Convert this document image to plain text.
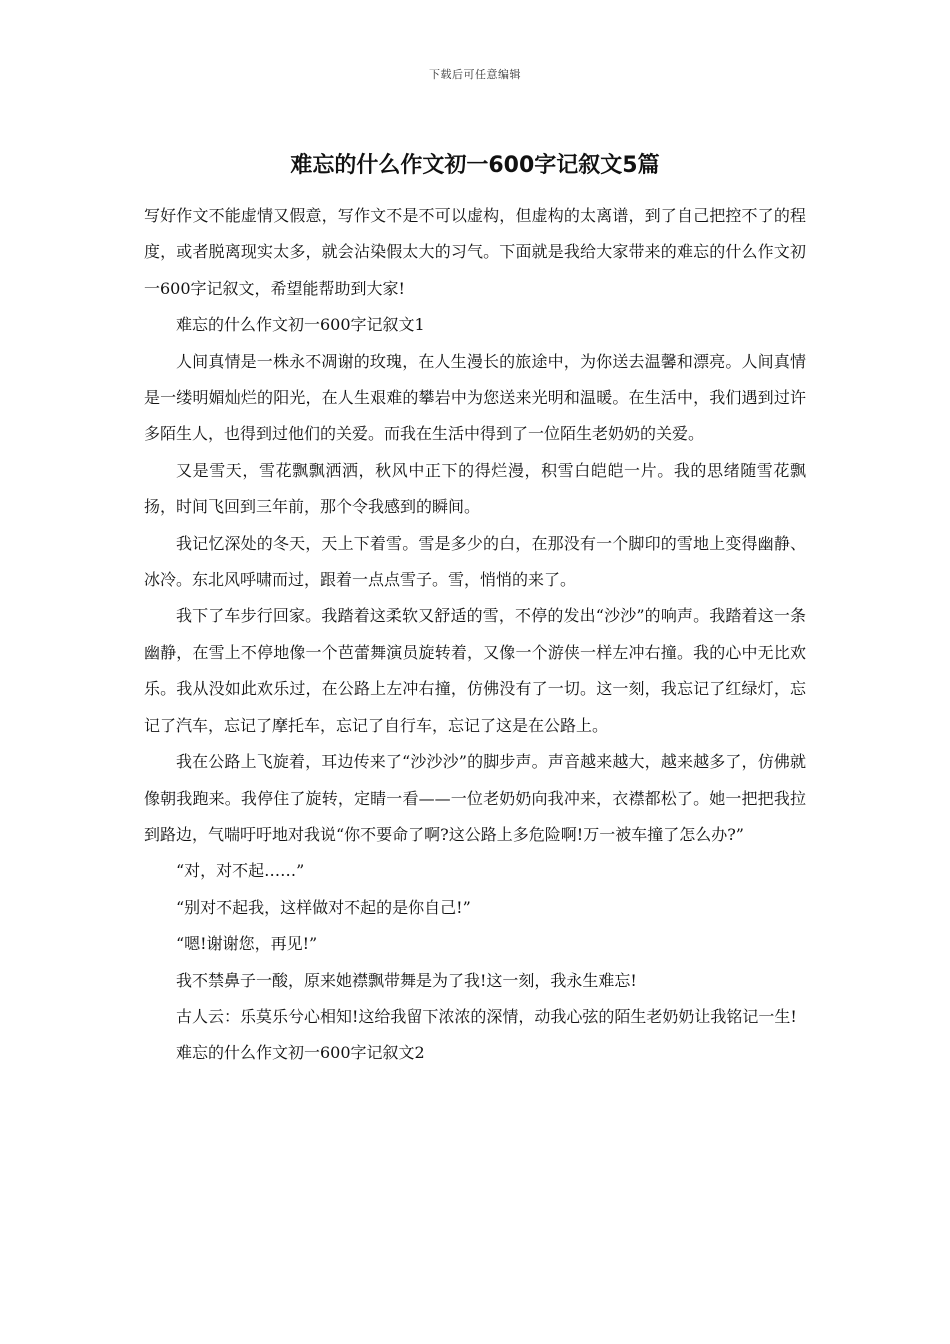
下载后可任意编辑
难忘的什么作文初一600字记叙文5篇

写好作文不能虚情又假意，写作文不是不可以虚构，但虚构的太离谱，到了自己把控不了的程度，或者脱离现实太多，就会沾染假太大的习气。下面就是我给大家带来的难忘的什么作文初一600字记叙文，希望能帮助到大家!

难忘的什么作文初一600字记叙文1

人间真情是一株永不凋谢的玫瑰，在人生漫长的旅途中，为你送去温馨和漂亮。人间真情是一缕明媚灿烂的阳光，在人生艰难的攀岩中为您送来光明和温暖。在生活中，我们遇到过许多陌生人，也得到过他们的关爱。而我在生活中得到了一位陌生老奶奶的关爱。

又是雪天，雪花飘飘洒洒，秋风中正下的得烂漫，积雪白皑皑一片。我的思绪随雪花飘扬，时间飞回到三年前，那个令我感到的瞬间。

我记忆深处的冬天，天上下着雪。雪是多少的白，在那没有一个脚印的雪地上变得幽静、冰冷。东北风呼啸而过，跟着一点点雪子。雪，悄悄的来了。

我下了车步行回家。我踏着这柔软又舒适的雪，不停的发出“沙沙”的响声。我踏着这一条幽静，在雪上不停地像一个芭蕾舞演员旋转着，又像一个游侠一样左冲右撞。我的心中无比欢乐。我从没如此欢乐过，在公路上左冲右撞，仿佛没有了一切。这一刻，我忘记了红绿灯，忘记了汽车，忘记了摩托车，忘记了自行车，忘记了这是在公路上。

我在公路上飞旋着，耳边传来了“沙沙沙”的脚步声。声音越来越大，越来越多了，仿佛就像朝我跑来。我停住了旋转，定睛一看——一位老奶奶向我冲来，衣襟都松了。她一把把我拉到路边，气喘吁吁地对我说“你不要命了啊?这公路上多危险啊!万一被车撞了怎么办?”

“对，对不起……”

“别对不起我，这样做对不起的是你自己!”

“嗯!谢谢您，再见!”

我不禁鼻子一酸，原来她襟飘带舞是为了我!这一刻，我永生难忘!

古人云：乐莫乐兮心相知!这给我留下浓浓的深情，动我心弦的陌生老奶奶让我铭记一生!

难忘的什么作文初一600字记叙文2
